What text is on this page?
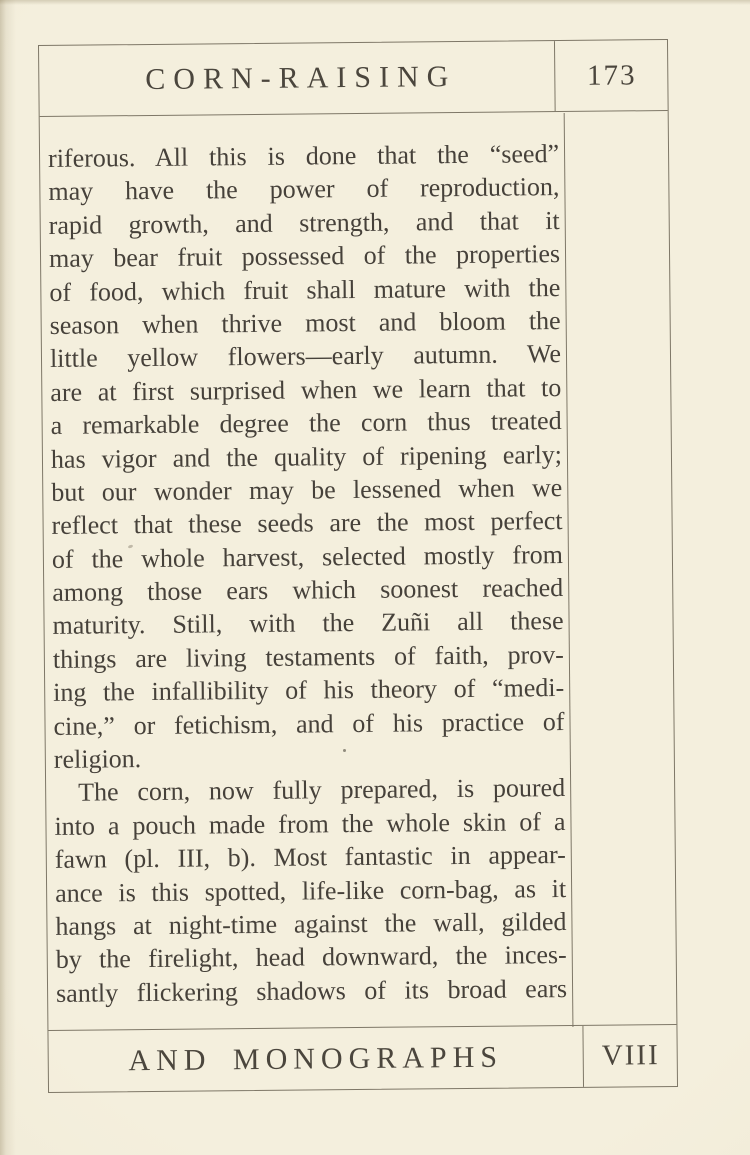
CORN-RAISING	173
riferous. All this is done that the “seed”
may have the power of reproduction,
rapid growth, and strength, and that it
may bear fruit possessed of the properties
of food, which fruit shall mature with the
season when thrive most and bloom the
little yellow flowers—early autumn. We
are at first surprised when we learn that to
a remarkable degree the corn thus treated
has vigor and the quality of ripening early;
but our wonder may be lessened when we
reflect that these seeds are the most perfect
of the whole harvest, selected mostly from
among those ears which soonest reached
maturity. Still, with the Zuñi all these
things are living testaments of faith, prov-
ing the infallibility of his theory of “medi-
cine,” or fetichism, and of his practice of
religion.
The corn, now fully prepared, is poured
into a pouch made from the whole skin of a
fawn (pl. III, b). Most fantastic in appear-
ance is this spotted, life-like corn-bag, as it
hangs at night-time against the wall, gilded
by the firelight, head downward, the inces-
santly flickering shadows of its broad ears
AND MONOGRAPHS	VIII
